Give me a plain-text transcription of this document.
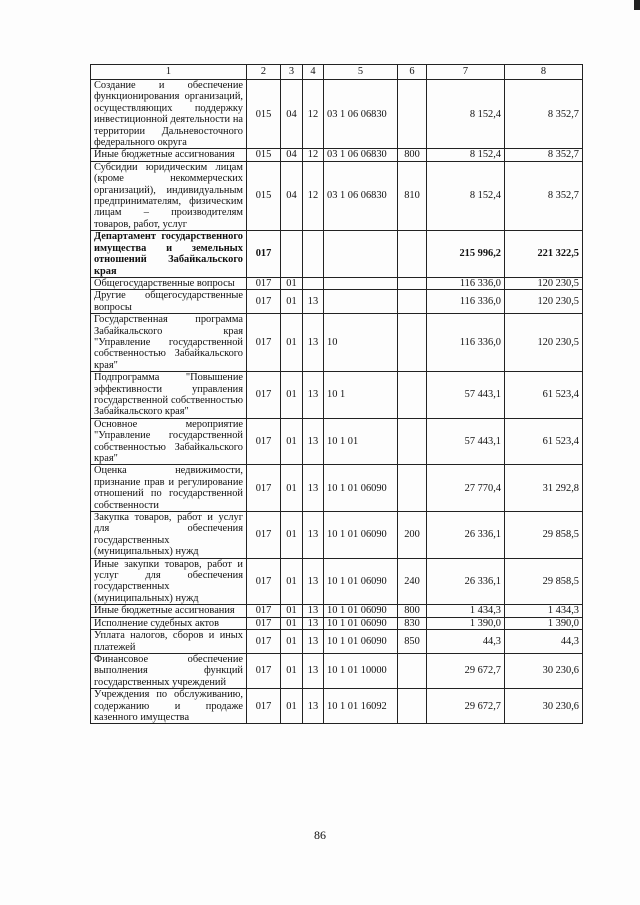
1	2	3	4	5	6	7	8
Создание и обеспечение функционирования организаций, осуществляющих поддержку инвестиционной деятельности на территории Дальневосточного федерального округа	015	04	12	03 1 06 06830		8 152,4	8 352,7
Иные бюджетные ассигнования	015	04	12	03 1 06 06830	800	8 152,4	8 352,7
Субсидии юридическим лицам (кроме некоммерческих организаций), индивидуальным предпринимателям, физическим лицам – производителям товаров, работ, услуг	015	04	12	03 1 06 06830	810	8 152,4	8 352,7
Департамент государственного имущества и земельных отношений Забайкальского края	017					215 996,2	221 322,5
Общегосударственные вопросы	017	01				116 336,0	120 230,5
Другие общегосударственные вопросы	017	01	13			116 336,0	120 230,5
Государственная программа Забайкальского края "Управление государственной собственностью Забайкальского края"	017	01	13	10		116 336,0	120 230,5
Подпрограмма "Повышение эффективности управления государственной собственностью Забайкальского края"	017	01	13	10 1		57 443,1	61 523,4
Основное мероприятие "Управление государственной собственностью Забайкальского края"	017	01	13	10 1 01		57 443,1	61 523,4
Оценка недвижимости, признание прав и регулирование отношений по государственной собственности	017	01	13	10 1 01 06090		27 770,4	31 292,8
Закупка товаров, работ и услуг для обеспечения государственных (муниципальных) нужд	017	01	13	10 1 01 06090	200	26 336,1	29 858,5
Иные закупки товаров, работ и услуг для обеспечения государственных (муниципальных) нужд	017	01	13	10 1 01 06090	240	26 336,1	29 858,5
Иные бюджетные ассигнования	017	01	13	10 1 01 06090	800	1 434,3	1 434,3
Исполнение судебных актов	017	01	13	10 1 01 06090	830	1 390,0	1 390,0
Уплата налогов, сборов и иных платежей	017	01	13	10 1 01 06090	850	44,3	44,3
Финансовое обеспечение выполнения функций государственных учреждений	017	01	13	10 1 01 10000		29 672,7	30 230,6
Учреждения по обслуживанию, содержанию и продаже казенного имущества	017	01	13	10 1 01 16092		29 672,7	30 230,6
86
